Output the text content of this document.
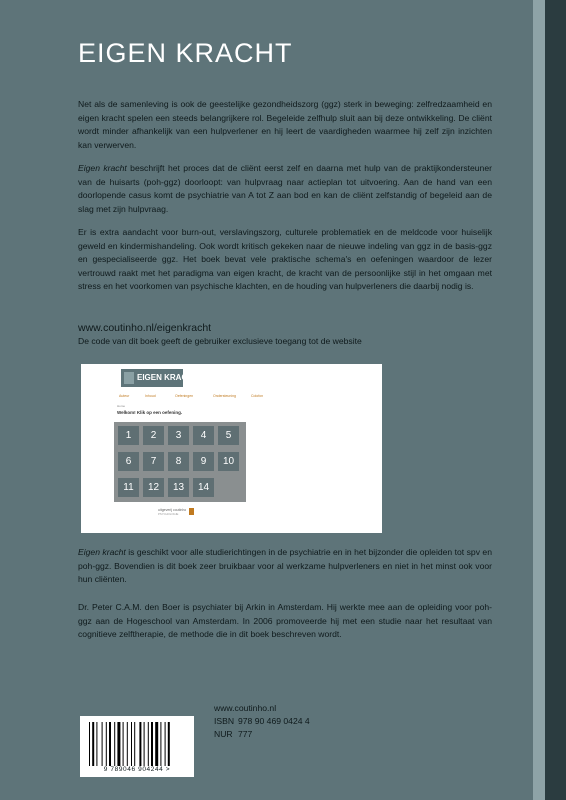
EIGEN KRACHT

Net als de samenleving is ook de geestelijke gezondheidszorg (ggz) sterk in beweging: zelfredzaamheid en eigen kracht spelen een steeds belangrijkere rol. Begeleide zelfhulp sluit aan bij deze ontwikkeling. De cliënt wordt minder afhankelijk van een hulpverlener en hij leert de vaardigheden waarmee hij zelf zijn inzichten kan verwerven.

Eigen kracht beschrijft het proces dat de cliënt eerst zelf en daarna met hulp van de praktijkondersteuner van de huisarts (poh-ggz) doorloopt: van hulpvraag naar actieplan tot uitvoering. Aan de hand van een doorlopende casus komt de psychiatrie van A tot Z aan bod en kan de cliënt zelfstandig of begeleid aan de slag met zijn hulpvraag.

Er is extra aandacht voor burn-out, verslavingszorg, culturele problematiek en de meldcode voor huiselijk geweld en kindermishandeling. Ook wordt kritisch gekeken naar de nieuwe indeling van ggz in de basis-ggz en gespecialiseerde ggz. Het boek bevat vele praktische schema's en oefeningen waardoor de lezer vertrouwd raakt met het paradigma van eigen kracht, de kracht van de persoonlijke stijl in het omgaan met stress en het voorkomen van psychische klachten, en de houding van hulpverleners die daarbij nodig is.

www.coutinho.nl/eigenkracht

De code van dit boek geeft de gebruiker exclusieve toegang tot de website

EIGEN KRACHT
Auteur	Inhoud	Oefeningen	Ondersteuning	Colofon
Home
Welkom! Klik op een oefening.
1	2	3	4	5
6	7	8	9	10
11	12	13	14
uitgeverij coutinho
PSYCHOLOGIE

Eigen kracht is geschikt voor alle studierichtingen in de psychiatrie en in het bijzonder die opleiden tot spv en poh-ggz. Bovendien is dit boek zeer bruikbaar voor al werkzame hulpverleners en niet in het minst ook voor hun cliënten.

Dr. Peter C.A.M. den Boer is psychiater bij Arkin in Amsterdam. Hij werkte mee aan de opleiding voor poh-ggz aan de Hogeschool van Amsterdam. In 2006 promoveerde hij met een studie naar het resultaat van cognitieve zelftherapie, de methode die in dit boek beschreven wordt.

9 789046 904244 >
www.coutinho.nl
ISBN 978 90 469 0424 4
NUR 777
